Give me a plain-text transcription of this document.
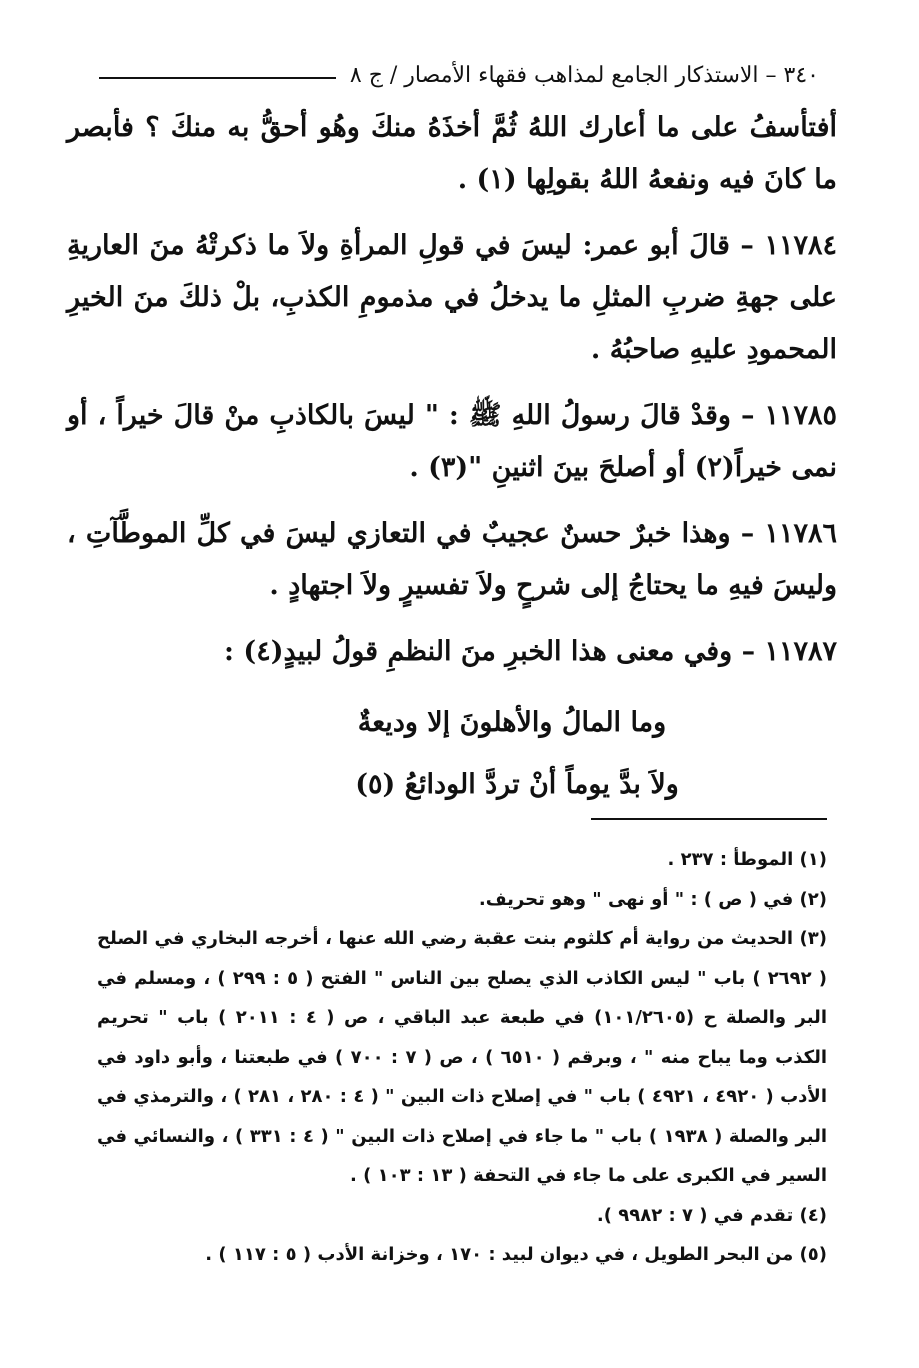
٣٤٠ – الاستذكار الجامع لمذاهب فقهاء الأمصار / ج ٨

أفتأسفُ على ما أعارك اللهُ ثُمَّ أخذَهُ منكَ وهُو أحقُّ به منكَ ؟ فأبصر ما كانَ فيه ونفعهُ اللهُ بقولِها (١) .

١١٧٨٤ – قالَ أبو عمر: ليسَ في قولِ المرأةِ ولاَ ما ذكرتْهُ منَ العاريةِ على جهةِ ضربِ المثلِ ما يدخلُ في مذمومِ الكذبِ، بلْ ذلكَ منَ الخيرِ المحمودِ عليهِ صاحبُهُ .

١١٧٨٥ – وقدْ قالَ رسولُ اللهِ ﷺ : " ليسَ بالكاذبِ منْ قالَ خيراً ، أو نمى خيراً(٢) أو أصلحَ بينَ اثنينِ "(٣) .

١١٧٨٦ – وهذا خبرٌ حسنٌ عجيبٌ في التعازي ليسَ في كلِّ الموطَّآتِ ، وليسَ فيهِ ما يحتاجُ إلى شرحٍ ولاَ تفسيرٍ ولاَ اجتهادٍ .

١١٧٨٧ – وفي معنى هذا الخبرِ منَ النظمِ قولُ لبيدٍ(٤) :

وما المالُ والأهلونَ إلا وديعةٌ

ولاَ بدَّ يوماً أنْ تردَّ الودائعُ (٥)

(١) الموطأ : ٢٣٧ .

(٢) في ( ص ) : " أو نهى " وهو تحريف.

(٣) الحديث من رواية أم كلثوم بنت عقبة رضي الله عنها ، أخرجه البخاري في الصلح ( ٢٦٩٢ ) باب " ليس الكاذب الذي يصلح بين الناس " الفتح ( ٥ : ٢٩٩ ) ، ومسلم في البر والصلة ح (١٠١/٢٦٠٥) في طبعة عبد الباقي ، ص ( ٤ : ٢٠١١ ) باب " تحريم الكذب وما يباح منه " ، وبرقم ( ٦٥١٠ ) ، ص ( ٧ : ٧٠٠ ) في طبعتنا ، وأبو داود في الأدب ( ٤٩٢٠ ، ٤٩٢١ ) باب " في إصلاح ذات البين " ( ٤ : ٢٨٠ ، ٢٨١ ) ، والترمذي في البر والصلة ( ١٩٣٨ ) باب " ما جاء في إصلاح ذات البين " ( ٤ : ٣٣١ ) ، والنسائي في السير في الكبرى على ما جاء في التحفة ( ١٣ : ١٠٣ ) .

(٤) تقدم في ( ٧ : ٩٩٨٢ ).

(٥) من البحر الطويل ، في ديوان لبيد : ١٧٠ ، وخزانة الأدب ( ٥ : ١١٧ ) .
